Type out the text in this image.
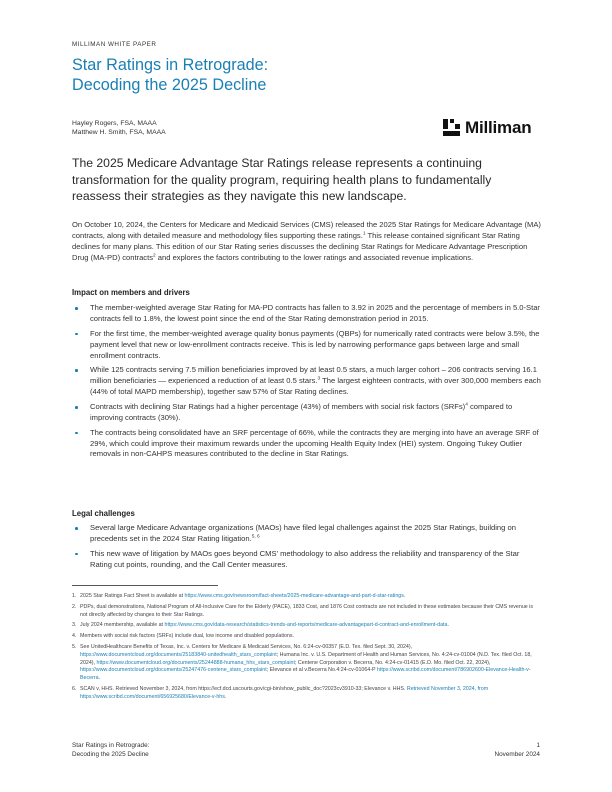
MILLIMAN WHITE PAPER
Star Ratings in Retrograde:
Decoding the 2025 Decline
Hayley Rogers, FSA, MAAA
Matthew H. Smith, FSA, MAAA	Milliman

The 2025 Medicare Advantage Star Ratings release represents a continuing transformation for the quality program, requiring health plans to fundamentally reassess their strategies as they navigate this new landscape.

On October 10, 2024, the Centers for Medicare and Medicaid Services (CMS) released the 2025 Star Ratings for Medicare Advantage (MA) contracts, along with detailed measure and methodology files supporting these ratings.$^1$ This release contained significant Star Rating declines for many plans. This edition of our Star Rating series discusses the declining Star Ratings for Medicare Advantage Prescription Drug (MA-PD) contracts$^2$ and explores the factors contributing to the lower ratings and associated revenue implications.

Impact on members and drivers
The member-weighted average Star Rating for MA-PD contracts has fallen to 3.92 in 2025 and the percentage of members in 5.0-Star contracts fell to 1.8%, the lowest point since the end of the Star Rating demonstration period in 2015.
For the first time, the member-weighted average quality bonus payments (QBPs) for numerically rated contracts were below 3.5%, the payment level that new or low-enrollment contracts receive. This is led by narrowing performance gaps between large and small enrollment contracts.
While 125 contracts serving 7.5 million beneficiaries improved by at least 0.5 stars, a much larger cohort – 206 contracts serving 16.1 million beneficiaries — experienced a reduction of at least 0.5 stars.$^3$ The largest eighteen contracts, with over 300,000 members each (44% of total MAPD membership), together saw 57% of Star Rating declines.
Contracts with declining Star Ratings had a higher percentage (43%) of members with social risk factors (SRFs)$^4$ compared to improving contracts (30%).
The contracts being consolidated have an SRF percentage of 66%, while the contracts they are merging into have an average SRF of 29%, which could improve their maximum rewards under the upcoming Health Equity Index (HEI) system. Ongoing Tukey Outlier removals in non-CAHPS measures contributed to the decline in Star Ratings.
Legal challenges
Several large Medicare Advantage organizations (MAOs) have filed legal challenges against the 2025 Star Ratings, building on precedents set in the 2024 Star Rating litigation.$^{5, 6}$
This new wave of litigation by MAOs goes beyond CMS’ methodology to also address the reliability and transparency of the Star Rating cut points, rounding, and the Call Center measures.
1. 2025 Star Ratings Fact Sheet is available at https://www.cms.gov/newsroom/fact-sheets/2025-medicare-advantage-and-part-d-star-ratings.
2. PDPs, dual demonstrations, National Program of All-Inclusive Care for the Elderly (PACE), 1833 Cost, and 1876 Cost contracts are not included in these estimates because their CMS revenue is not directly affected by changes to their Star Ratings.
3. July 2024 membership, available at https://www.cms.gov/data-research/statistics-trends-and-reports/medicare-advantagepart-d-contract-and-enrollment-data.
4. Members with social risk factors (SRFs) include dual, low income and disabled populations.
5. See UnitedHealthcare Benefits of Texas, Inc. v. Centers for Medicare & Medicaid Services, No. 6:24-cv-00357 (E.D. Tex. filed Sept. 30, 2024), https://www.documentcloud.org/documents/25183840-unitedhealth_stars_complaint; Humana Inc. v. U.S. Department of Health and Human Services, No. 4:24-cv-01004 (N.D. Tex. filed Oct. 18, 2024), https://www.documentcloud.org/documents/25244888-humana_hhs_stars_complaint; Centene Corporation v. Becerra, No. 4:24-cv-01415 (E.D. Mo. filed Oct. 22, 2024), https://www.documentcloud.org/documents/25247476-centene_stars_complaint; Elevance et al v.Becerra No.4:24-cv-01064-P https://www.scribd.com/document/786902600-Elevance-Health-v-Becerra.
6. SCAN v, HHS. Retrieved November 3, 2024, from https://ecf.dcd.uscourts.gov/cgi-bin/show_public_doc?2023cv3910-33; Elevance v. HHS. Retrieved November 3, 2024, from https://www.scribd.com/document/656925680/Elevance-v-hhs.
Star Ratings in Retrograde:
Decoding the 2025 Decline
1
November 2024
